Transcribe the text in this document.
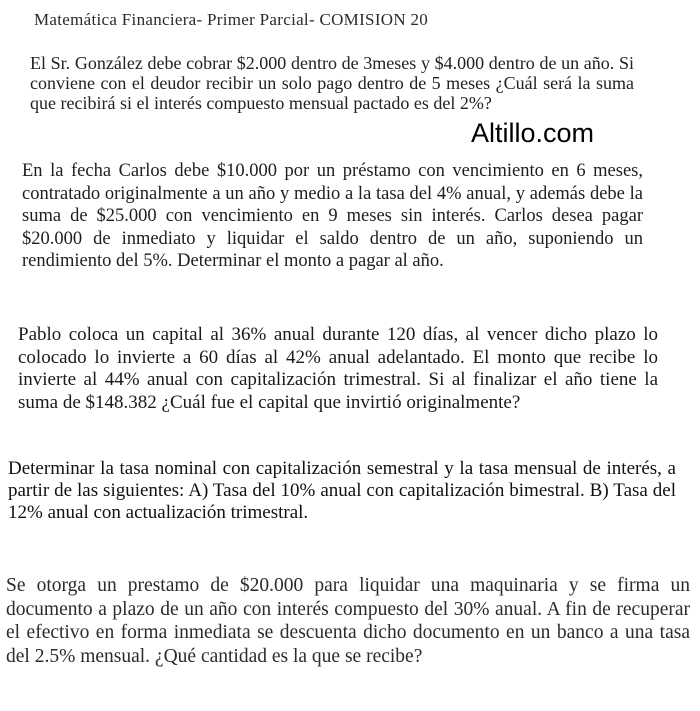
Matemática Financiera- Primer Parcial- COMISION 20

El Sr. González debe cobrar $2.000 dentro de 3meses y $4.000 dentro de un año. Si conviene con el deudor recibir un solo pago dentro de 5 meses ¿Cuál será la suma que recibirá si el interés compuesto mensual pactado es del 2%?

Altillo.com

En la fecha Carlos debe $10.000 por un préstamo con vencimiento en 6 meses, contratado originalmente a un año y medio a la tasa del 4% anual, y además debe la suma de $25.000 con vencimiento en 9 meses sin interés. Carlos desea pagar $20.000 de inmediato y liquidar el saldo dentro de un año, suponiendo un rendimiento del 5%. Determinar el monto a pagar al año.

Pablo coloca un capital al 36% anual durante 120 días, al vencer dicho plazo lo colocado lo invierte a 60 días al 42% anual adelantado. El monto que recibe lo invierte al 44% anual con capitalización trimestral. Si al finalizar el año tiene la suma de $148.382 ¿Cuál fue el capital que invirtió originalmente?

Determinar la tasa nominal con capitalización semestral y la tasa mensual de interés, a partir de las siguientes: A) Tasa del 10% anual con capitalización bimestral. B) Tasa del 12% anual con actualización trimestral.

Se otorga un prestamo de $20.000 para liquidar una maquinaria y se firma un documento a plazo de un año con interés compuesto del 30% anual. A fin de recuperar el efectivo en forma inmediata se descuenta dicho documento en un banco a una tasa del 2.5% mensual. ¿Qué cantidad es la que se recibe?
